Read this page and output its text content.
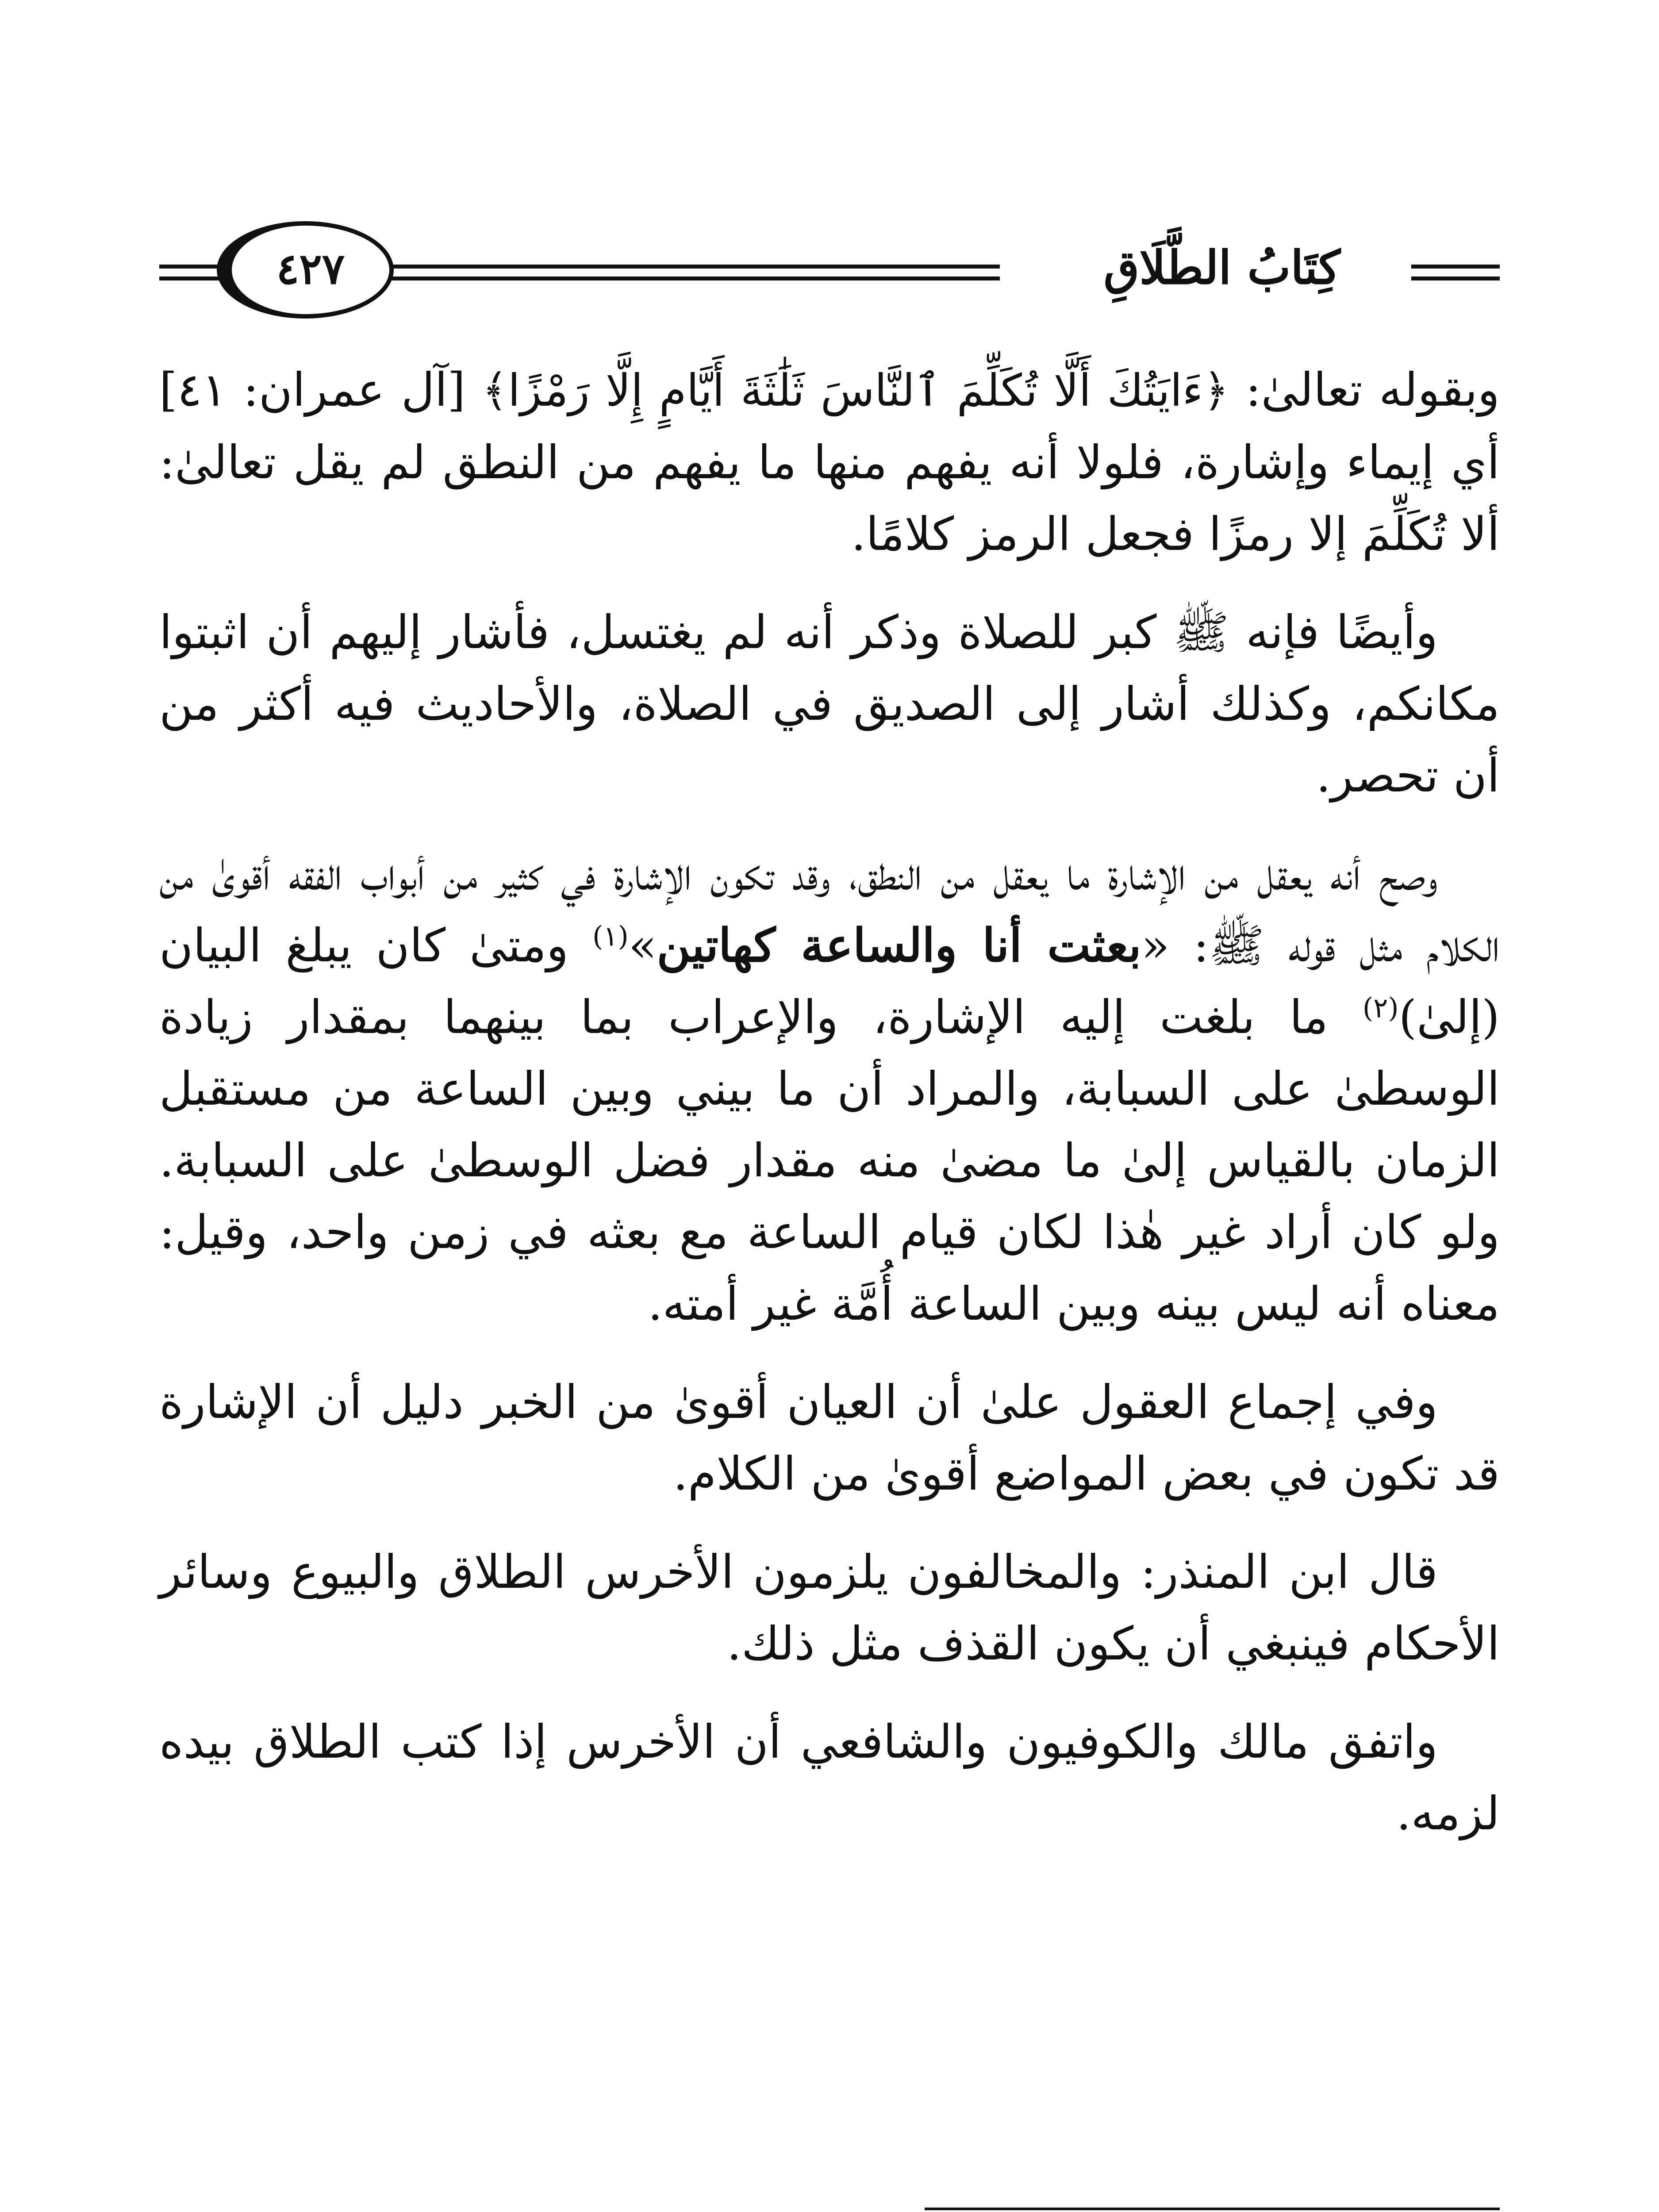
كِتَابُ الطَّلَاقِ
٤٢٧

وبقوله تعالىٰ: ﴿ءَايَتُكَ أَلَّا تُكَلِّمَ ٱلنَّاسَ ثَلَٰثَةَ أَيَّامٍ إِلَّا رَمْزًا﴾ [آل عمران: ٤١] أي إيماء وإشارة، فلولا أنه يفهم منها ما يفهم من النطق لم يقل تعالىٰ: ألا تُكَلِّمَ إلا رمزًا فجعل الرمز كلامًا.

وأيضًا فإنه ﷺ كبر للصلاة وذكر أنه لم يغتسل، فأشار إليهم أن اثبتوا مكانكم، وكذلك أشار إلى الصديق في الصلاة، والأحاديث فيه أكثر من أن تحصر.

وصح أنه يعقل من الإشارة ما يعقل من النطق، وقد تكون الإشارة في كثير من أبواب الفقه أقوىٰ من الكلام مثل قوله ﷺ: «بعثت أنا والساعة كهاتين»$^{(١)}$ ومتىٰ كان يبلغ البيان (إلىٰ)$^{(٢)}$ ما بلغت إليه الإشارة، والإعراب بما بينهما بمقدار زيادة الوسطىٰ على السبابة، والمراد أن ما بيني وبين الساعة من مستقبل الزمان بالقياس إلىٰ ما مضىٰ منه مقدار فضل الوسطىٰ على السبابة. ولو كان أراد غير هٰذا لكان قيام الساعة مع بعثه في زمن واحد، وقيل: معناه أنه ليس بينه وبين الساعة أُمَّة غير أمته.

وفي إجماع العقول علىٰ أن العيان أقوىٰ من الخبر دليل أن الإشارة قد تكون في بعض المواضع أقوىٰ من الكلام.

قال ابن المنذر: والمخالفون يلزمون الأخرس الطلاق والبيوع وسائر الأحكام فينبغي أن يكون القذف مثل ذلك.

واتفق مالك والكوفيون والشافعي أن الأخرس إذا كتب الطلاق بيده لزمه.
